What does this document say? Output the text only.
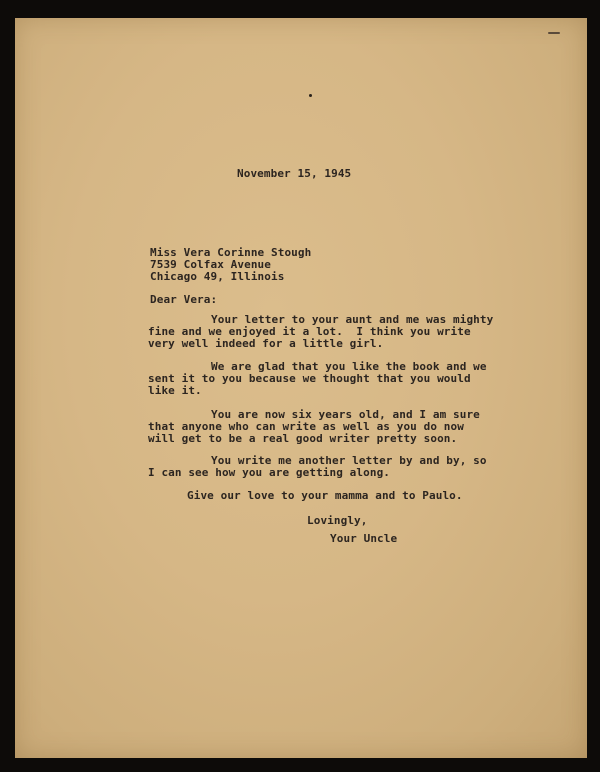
November 15, 1945
Miss Vera Corinne Stough
7539 Colfax Avenue
Chicago 49, Illinois
Dear Vera:
Your letter to your aunt and me was mighty
fine and we enjoyed it a lot.  I think you write
very well indeed for a little girl.
We are glad that you like the book and we
sent it to you because we thought that you would
like it.
You are now six years old, and I am sure
that anyone who can write as well as you do now
will get to be a real good writer pretty soon.
You write me another letter by and by, so
I can see how you are getting along.
Give our love to your mamma and to Paulo.
Lovingly,
Your Uncle
